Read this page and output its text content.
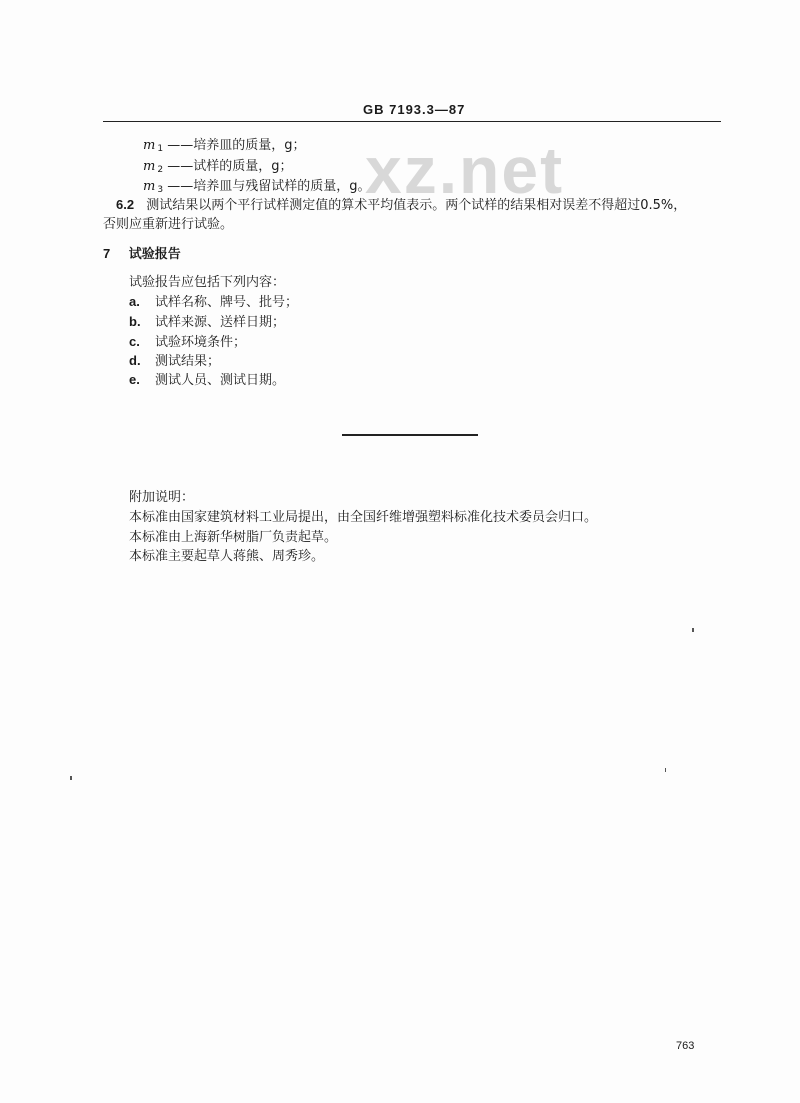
GB 7193.3—87
xz.net
m $_1$ ——培养皿的质量，g；
m $_2$ ——试样的质量，g；
m $_3$ ——培养皿与残留试样的质量，g。
6.2 测试结果以两个平行试样测定值的算术平均值表示。两个试样的结果相对误差不得超过0.5%，
否则应重新进行试验。
7 试验报告
试验报告应包括下列内容：
a. 试样名称、牌号、批号；
b. 试样来源、送样日期；
c. 试验环境条件；
d. 测试结果；
e. 测试人员、测试日期。
附加说明：
本标准由国家建筑材料工业局提出，由全国纤维增强塑料标准化技术委员会归口。
本标准由上海新华树脂厂负责起草。
本标准主要起草人蒋熊、周秀珍。
763
